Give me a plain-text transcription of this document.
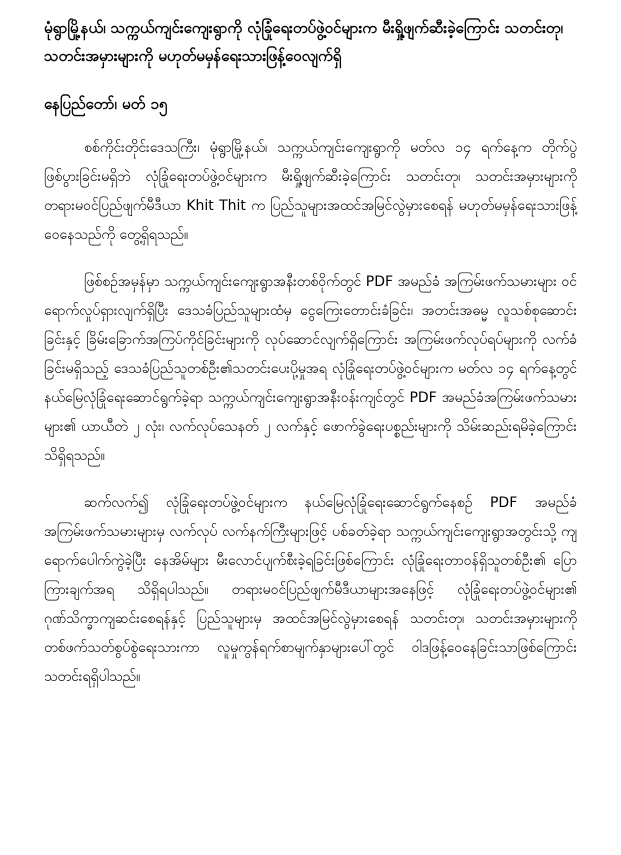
မုံရွာမြို့နယ်၊ သက္ကယ်ကျင်းကျေးရွာကို လုံခြုံရေးတပ်ဖွဲ့ဝင်များက မီးရှို့ဖျက်ဆီးခဲ့ကြောင်း သတင်းတု၊ သတင်းအမှားများကို မဟုတ်မမှန်ရေးသားဖြန့်ဝေလျက်ရှိ
နေပြည်တော်၊ မတ် ၁၅

စစ်ကိုင်းတိုင်းဒေသကြီး၊ မုံရွာမြို့နယ်၊ သက္ကယ်ကျင်းကျေးရွာကို မတ်လ ၁၄ ရက်နေ့က တိုက်ပွဲဖြစ်ပွားခြင်းမရှိဘဲ လုံခြုံရေးတပ်ဖွဲ့ဝင်များက မီးရှို့ဖျက်ဆီးခဲ့ကြောင်း သတင်းတု၊ သတင်းအမှားများကို တရားမဝင်ပြည်ဖျက်မီဒီယာ Khit Thit က ပြည်သူများအထင်အမြင်လွဲမှားစေရန် မဟုတ်မမှန်ရေးသားဖြန့်ဝေနေသည်ကို တွေ့ရှိရသည်။

ဖြစ်စဉ်အမှန်မှာ သက္ကယ်ကျင်းကျေးရွာအနီးတစ်ဝိုက်တွင် PDF အမည်ခံ အကြမ်းဖက်သမားများ ဝင်ရောက်လှုပ်ရှားလျက်ရှိပြီး ဒေသခံပြည်သူများထံမှ ငွေကြေးတောင်းခံခြင်း၊ အတင်းအဓမ္မ လူသစ်စုဆောင်းခြင်းနှင့် ခြိမ်းခြောက်အကြပ်ကိုင်ခြင်းများကို လုပ်ဆောင်လျက်ရှိကြောင်း အကြမ်းဖက်လုပ်ရပ်များကို လက်ခံခြင်းမရှိသည့် ဒေသခံပြည်သူတစ်ဦး၏သတင်းပေးပို့မှုအရ လုံခြုံရေးတပ်ဖွဲ့ဝင်များက မတ်လ ၁၄ ရက်နေ့တွင် နယ်မြေလုံခြုံရေးဆောင်ရွက်ခဲ့ရာ သက္ကယ်ကျင်းကျေးရွာအနီးဝန်းကျင်တွင် PDF အမည်ခံအကြမ်းဖက်သမားများ၏ ယာယီတဲ ၂ လုံး၊ လက်လုပ်သေနတ် ၂ လက်နှင့် ဖောက်ခွဲရေးပစ္စည်းများကို သိမ်းဆည်းရမိခဲ့ကြောင်း သိရှိရသည်။

ဆက်လက်၍ လုံခြုံရေးတပ်ဖွဲ့ဝင်များက နယ်မြေလုံခြုံရေးဆောင်ရွက်နေစဉ် PDF အမည်ခံအကြမ်းဖက်သမားများမှ လက်လုပ် လက်နက်ကြီးများဖြင့် ပစ်ခတ်ခဲ့ရာ သက္ကယ်ကျင်းကျေးရွာအတွင်းသို့ ကျရောက်ပေါက်ကွဲခဲ့ပြီး နေအိမ်များ မီးလောင်ပျက်စီးခဲ့ရခြင်းဖြစ်ကြောင်း လုံခြုံရေးတာဝန်ရှိသူတစ်ဦး၏ ပြောကြားချက်အရ သိရှိရပါသည်။ တရားမဝင်ပြည်ဖျက်မီဒီယာများအနေဖြင့် လုံခြုံရေးတပ်ဖွဲ့ဝင်များ၏ ဂုဏ်သိက္ခာကျဆင်းစေရန်နှင့် ပြည်သူများမှ အထင်အမြင်လွဲမှားစေရန် သတင်းတု၊ သတင်းအမှားများကို တစ်ဖက်သတ်စွပ်စွဲရေးသားကာ လူမှုကွန်ရက်စာမျက်နှာများပေါ်တွင် ဝါဒဖြန့်ဝေနေခြင်းသာဖြစ်ကြောင်း သတင်းရရှိပါသည်။
